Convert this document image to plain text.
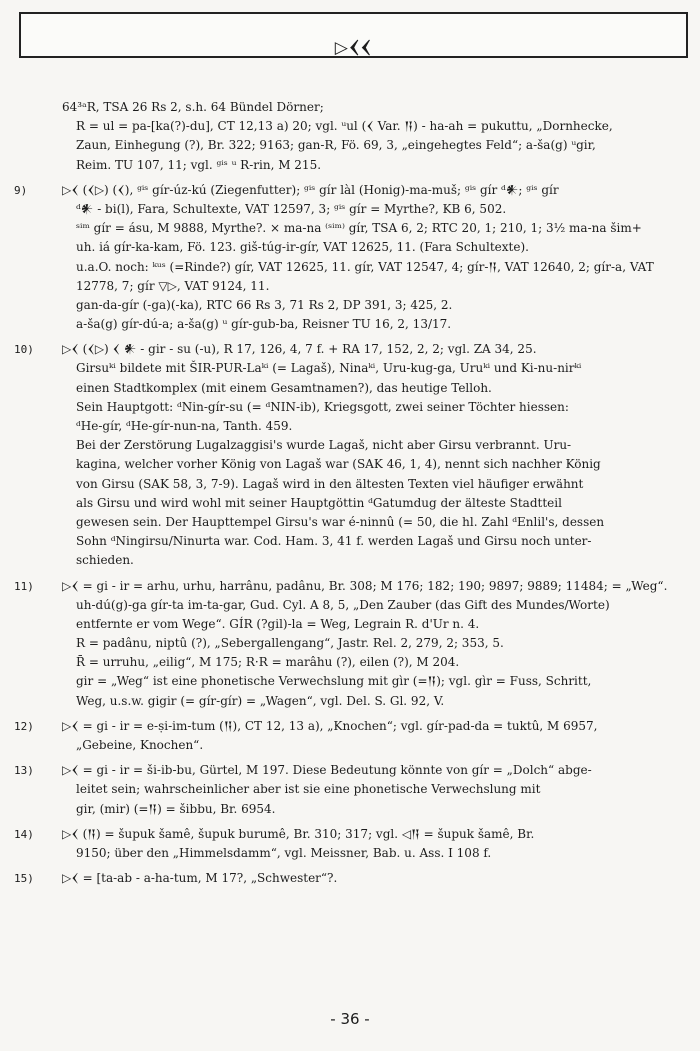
▷𒌋𒌋
64³ᵃR, TSA 26 Rs 2, s.h. 64 Bündel Dörner;
R = ul = pa-[ka(?)-du], CT 12,13 a) 20; vgl. ᵘul (𒌋 Var. 𒀀) - ha-ah = pukuttu, „Dornhecke,
Zaun, Einhegung (?), Br. 322; 9163; gan-R, Fö. 69, 3, „eingehegtes Feld“; a-ša(g) ᵘgir,
Reim. TU 107, 11; vgl. ᵍⁱˢ ᵘ R-rin, M 215.
9)	▷𒌋 (𒌋▷) (𒌋), ᵍⁱˢ gír-úz-kú (Ziegenfutter); ᵍⁱˢ gír làl (Honig)-ma-muš; ᵍⁱˢ gír ᵈ𒀭; ᵍⁱˢ gír
ᵈ𒀭 - bi(l), Fara, Schultexte, VAT 12597, 3; ᵍⁱˢ gír = Myrthe?, KB 6, 502.
ˢⁱᵐ gír = ásu, M 9888, Myrthe?. × ma-na ⁽ˢⁱᵐ⁾ gír, TSA 6, 2; RTC 20, 1; 210, 1; 3½ ma-na šim+
uh. iá gír-ka-kam, Fö. 123. giš-túg-ir-gír, VAT 12625, 11. (Fara Schultexte).
u.a.O. noch: ᵏᵘˢ (=Rinde?) gír, VAT 12625, 11. gír, VAT 12547, 4; gír-𒀀, VAT 12640, 2; gír-a, VAT
12778, 7; gír ▽▷, VAT 9124, 11.
gan-da-gír (-ga)(-ka), RTC 66 Rs 3, 71 Rs 2, DP 391, 3; 425, 2.
a-ša(g) gír-dú-a; a-ša(g) ᵘ gír-gub-ba, Reisner TU 16, 2, 13/17.
10)	▷𒌋 (𒌋▷) 𒌋 𒀭 - gir - su (-u), R 17, 126, 4, 7 f. + RA 17, 152, 2, 2; vgl. ZA 34, 25.
Girsuᵏⁱ bildete mit ŠIR-PUR-Laᵏⁱ (= Lagaš), Ninaᵏⁱ, Uru-kug-ga, Uruᵏⁱ und Ki-nu-nirᵏⁱ
einen Stadtkomplex (mit einem Gesamtnamen?), das heutige Telloh.
Sein Hauptgott: ᵈNin-gír-su (= ᵈNIN-ib), Kriegsgott, zwei seiner Töchter hiessen:
ᵈHe-gír, ᵈHe-gír-nun-na, Tanth. 459.
Bei der Zerstörung Lugalzaggisi's wurde Lagaš, nicht aber Girsu verbrannt. Uru-
kagina, welcher vorher König von Lagaš war (SAK 46, 1, 4), nennt sich nachher König
von Girsu (SAK 58, 3, 7-9). Lagaš wird in den ältesten Texten viel häufiger erwähnt
als Girsu und wird wohl mit seiner Hauptgöttin ᵈGatumdug der älteste Stadtteil
gewesen sein. Der Haupttempel Girsu's war é-ninnû (= 50, die hl. Zahl ᵈEnlil's, dessen
Sohn ᵈNingirsu/Ninurta war. Cod. Ham. 3, 41 f. werden Lagaš und Girsu noch unter-
schieden.
11)	▷𒌋 = gi - ir = arhu, urhu, harrânu, padânu, Br. 308; M 176; 182; 190; 9897; 9889; 11484; = „Weg“.
uh-dú(g)-ga gír-ta im-ta-gar, Gud. Cyl. A 8, 5, „Den Zauber (das Gift des Mundes/Worte)
entfernte er vom Wege“. GÍR (?gil)-la = Weg, Legrain R. d'Ur n. 4.
R = padânu, niptû (?), „Sebergallengang“, Jastr. Rel. 2, 279, 2; 353, 5.
R̄ = urruhu, „eilig“, M 175; R·R = marâhu (?), eilen (?), M 204.
gir = „Weg“ ist eine phonetische Verwechslung mit gìr (=𒀀); vgl. gìr = Fuss, Schritt,
Weg, u.s.w. gigir (= gír-gír) = „Wagen“, vgl. Del. S. Gl. 92, V.
12)	▷𒌋 = gi - ir = e-ṣi-im-tum (𒀀), CT 12, 13 a), „Knochen“; vgl. gír-pad-da = tuktû, M 6957,
„Gebeine, Knochen“.
13)	▷𒌋 = gi - ir = ši-ib-bu, Gürtel, M 197. Diese Bedeutung könnte von gír = „Dolch“ abge-
leitet sein; wahrscheinlicher aber ist sie eine phonetische Verwechslung mit
gir, (mir) (=𒀀) = šibbu, Br. 6954.
14)	▷𒌋 (𒀀) = šupuk šamê, šupuk burumê, Br. 310; 317; vgl. ◁𒀀 = šupuk šamê, Br.
9150; über den „Himmelsdamm“, vgl. Meissner, Bab. u. Ass. I 108 f.
15)	▷𒌋 = [ta-ab - a-ha-tum, M 17?, „Schwester“?.
- 36 -
